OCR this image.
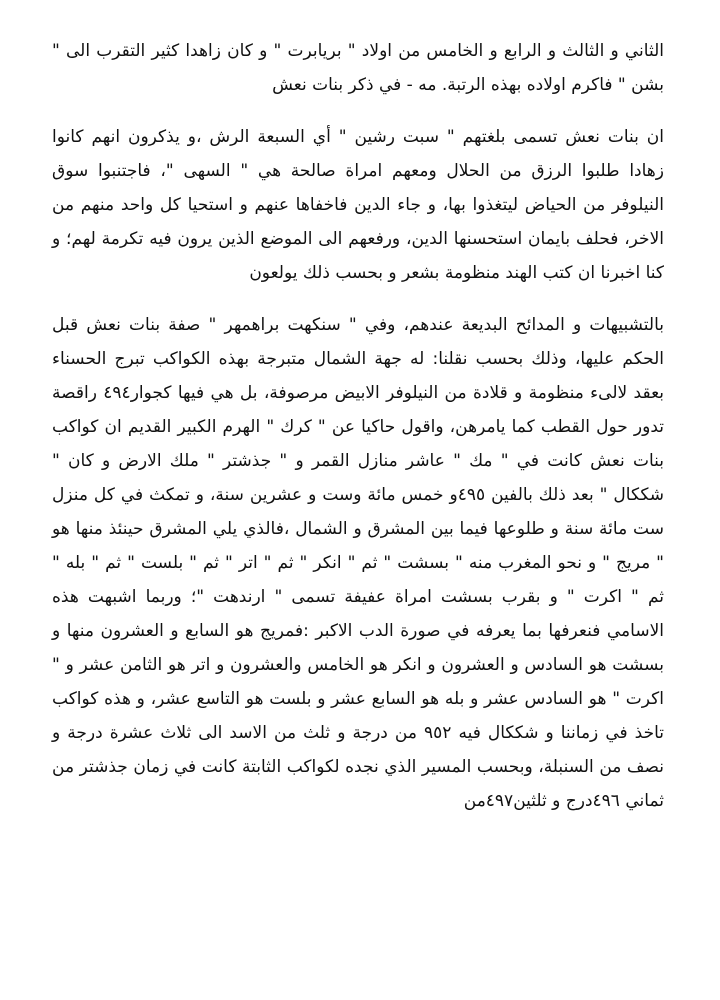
الثاني و الثالث و الرابع و الخامس من اولاد " بريابرت " و كان زاهدا كثير التقرب الى " بشن " فاكرم اولاده بهذه الرتبة. مه - في ذكر بنات نعش

ان بنات نعش تسمى بلغتهم " سبت رشين " أي السبعة الرش ،و يذكرون انهم كانوا زهادا طلبوا الرزق من الحلال ومعهم امراة صالحة هي " السهى "، فاجتنبوا سوق النيلوفر من الحياض ليتغذوا بها، و جاء الدين فاخفاها عنهم و استحيا كل واحد منهم من الاخر، فحلف بايمان استحسنها الدين، ورفعهم الى الموضع الذين يرون فيه تكرمة لهم؛ و كنا اخبرنا ان كتب الهند منظومة بشعر و بحسب ذلك يولعون

بالتشبيهات و المدائح البديعة عندهم، وفي " سنكهت براهمهر " صفة بنات نعش قبل الحكم عليها، وذلك بحسب نقلنا: له جهة الشمال متبرجة بهذه الكواكب تبرج الحسناء بعقد لالىء منظومة و قلادة من النيلوفر الابيض مرصوفة، بل هي فيها كجوار٤٩٤ راقصة تدور حول القطب كما يامرهن، واقول حاكيا عن " كرك " الهرم الكبير القديم ان كواكب بنات نعش كانت في " مك " عاشر منازل القمر و " جذشتر " ملك الارض و كان " شككال " بعد ذلك بالفين ٤٩٥و خمس مائة وست و عشرين سنة، و تمكث في كل منزل ست مائة سنة و طلوعها فيما بين المشرق و الشمال ،فالذي يلي المشرق حينئذ منها هو " مريج " و نحو المغرب منه " بسشت " ثم " انكر " ثم " اتر " ثم " بلست " ثم " بله " ثم " اكرت " و بقرب بسشت امراة عفيفة تسمى " ارندهت "؛ وربما اشبهت هذه الاسامي فنعرفها بما يعرفه في صورة الدب الاكبر :فمريج هو السابع و العشرون منها و بسشت هو السادس و العشرون و انكر هو الخامس والعشرون و اتر هو الثامن عشر و " اكرت " هو السادس عشر و بله هو السابع عشر و بلست هو التاسع عشر، و هذه كواكب تاخذ في زماننا و شككال فيه ٩٥٢ من درجة و ثلث من الاسد الى ثلاث عشرة درجة و نصف من السنبلة، وبحسب المسير الذي نجده لكواكب الثابتة كانت في زمان جذشتر من ثماني ٤٩٦درج و ثلثين٤٩٧من
